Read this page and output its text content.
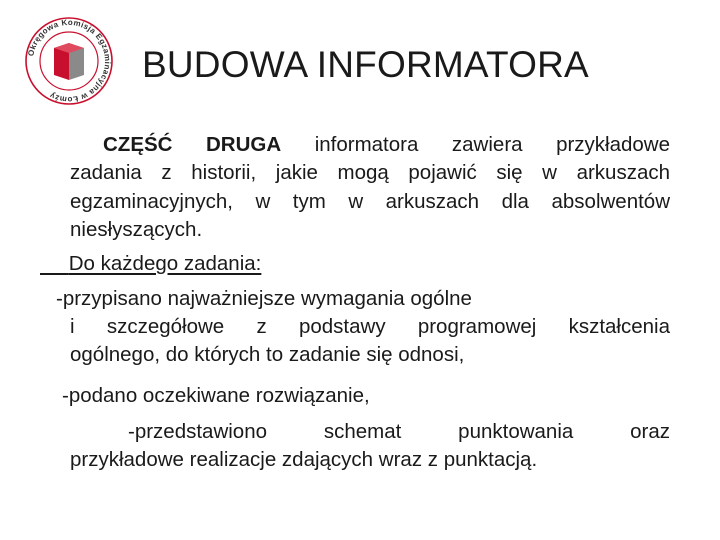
Okręgowa Komisja Egzaminacyjna w Łomży
BUDOWA INFORMATORA
CZĘŚĆ DRUGA informatora zawiera przykładowe
zadania z historii, jakie mogą pojawić się w arkuszach
egzaminacyjnych, w tym w arkuszach dla absolwentów
niesłyszących.
       Do każdego zadania:
-przypisano najważniejsze wymagania ogólne
i szczegółowe z podstawy programowej kształcenia
ogólnego, do których to zadanie się odnosi,
-podano oczekiwane rozwiązanie,
-przedstawiono schemat punktowania oraz
przykładowe realizacje zdających wraz z punktacją.
